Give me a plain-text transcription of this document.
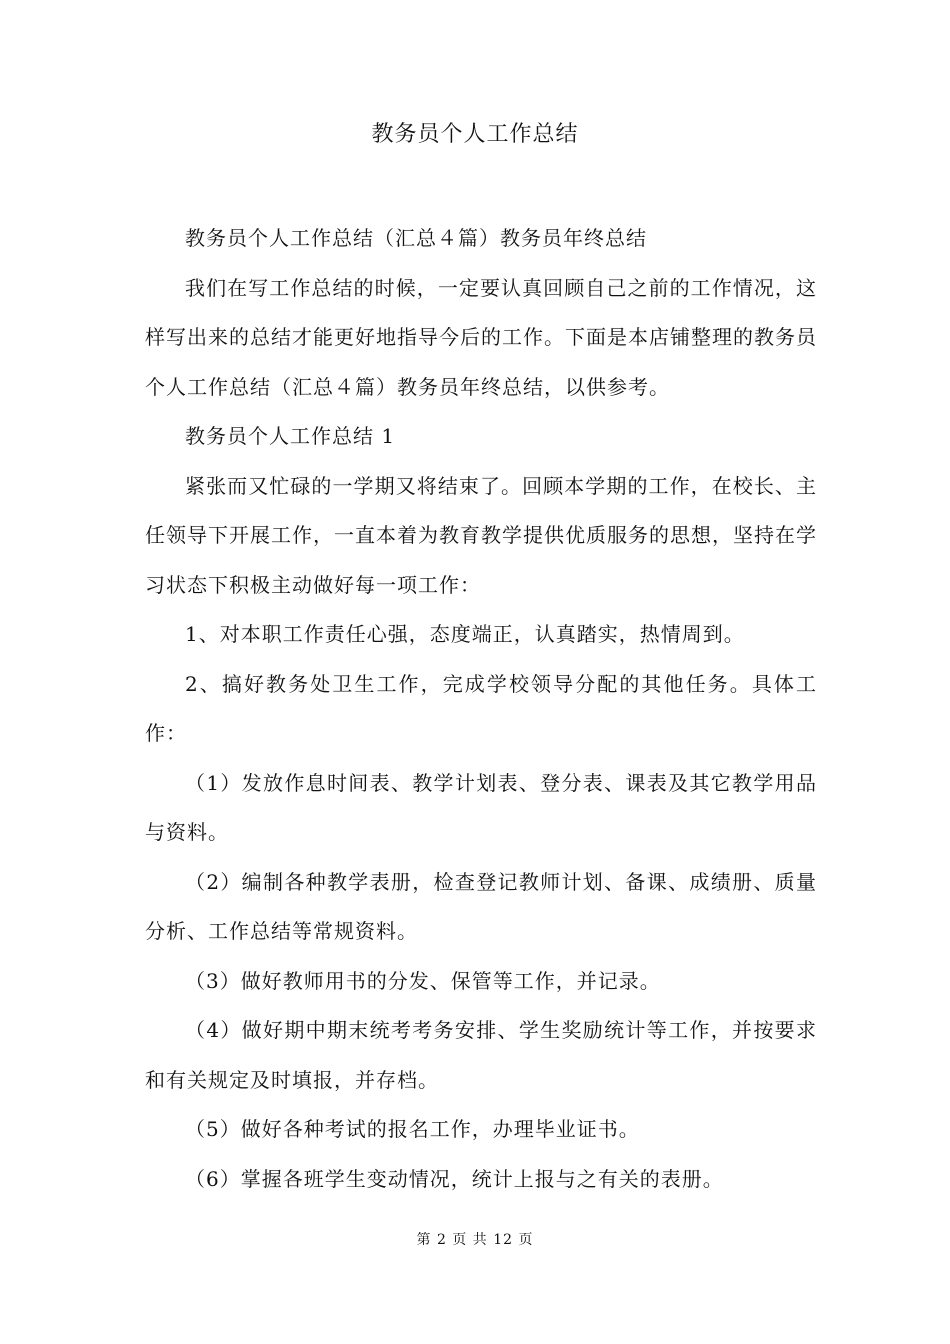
教务员个人工作总结

教务员个人工作总结（汇总４篇）教务员年终总结

我们在写工作总结的时候，一定要认真回顾自己之前的工作情况，这样写出来的总结才能更好地指导今后的工作。下面是本店铺整理的教务员个人工作总结（汇总４篇）教务员年终总结，以供参考。

教务员个人工作总结 1

紧张而又忙碌的一学期又将结束了。回顾本学期的工作，在校长、主任领导下开展工作，一直本着为教育教学提供优质服务的思想，坚持在学习状态下积极主动做好每一项工作：

1、对本职工作责任心强，态度端正，认真踏实，热情周到。

2、搞好教务处卫生工作，完成学校领导分配的其他任务。具体工作：

（1）发放作息时间表、教学计划表、登分表、课表及其它教学用品与资料。

（2）编制各种教学表册，检查登记教师计划、备课、成绩册、质量分析、工作总结等常规资料。

（3）做好教师用书的分发、保管等工作，并记录。

（4）做好期中期末统考考务安排、学生奖励统计等工作，并按要求和有关规定及时填报，并存档。

（5）做好各种考试的报名工作，办理毕业证书。

（6）掌握各班学生变动情况，统计上报与之有关的表册。

第 2 页 共 12 页
